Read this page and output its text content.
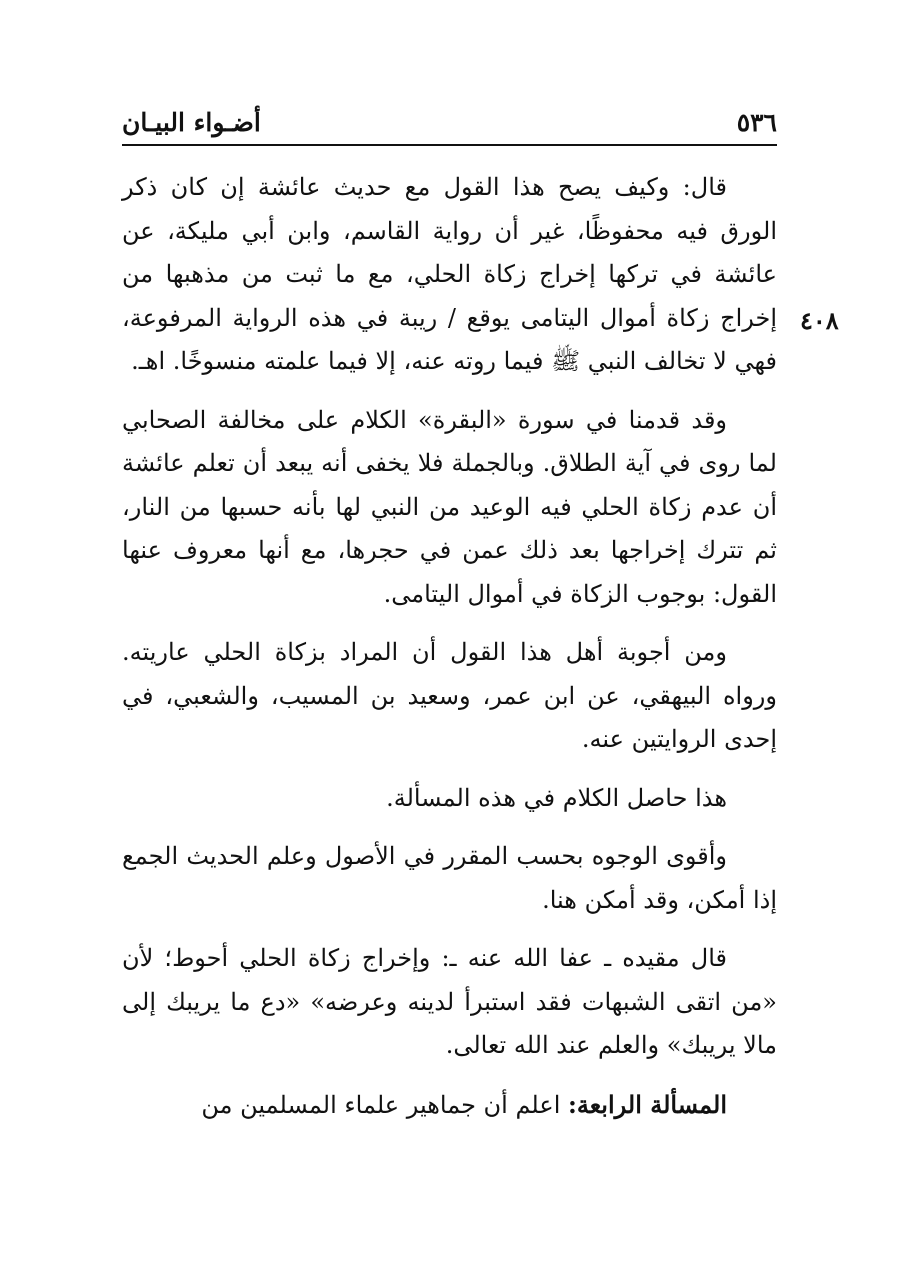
٥٣٦
أضـواء البيـان
٤٠٨

قال: وكيف يصح هذا القول مع حديث عائشة إن كان ذكر الورق فيه محفوظًا، غير أن رواية القاسم، وابن أبي مليكة، عن عائشة في تركها إخراج زكاة الحلي، مع ما ثبت من مذهبها من إخراج زكاة أموال اليتامى يوقع / ريبة في هذه الرواية المرفوعة، فهي لا تخالف النبي ﷺ فيما روته عنه، إلا فيما علمته منسوخًا. اهـ.

وقد قدمنا في سورة «البقرة» الكلام على مخالفة الصحابي لما روى في آية الطلاق. وبالجملة فلا يخفى أنه يبعد أن تعلم عائشة أن عدم زكاة الحلي فيه الوعيد من النبي لها بأنه حسبها من النار، ثم تترك إخراجها بعد ذلك عمن في حجرها، مع أنها معروف عنها القول: بوجوب الزكاة في أموال اليتامى.

ومن أجوبة أهل هذا القول أن المراد بزكاة الحلي عاريته. ورواه البيهقي، عن ابن عمر، وسعيد بن المسيب، والشعبي، في إحدى الروايتين عنه.

هذا حاصل الكلام في هذه المسألة.

وأقوى الوجوه بحسب المقرر في الأصول وعلم الحديث الجمع إذا أمكن، وقد أمكن هنا.

قال مقيده ـ عفا الله عنه ـ: وإخراج زكاة الحلي أحوط؛ لأن «من اتقى الشبهات فقد استبرأ لدينه وعرضه» «دع ما يريبك إلى مالا يريبك» والعلم عند الله تعالى.

المسألة الرابعة: اعلم أن جماهير علماء المسلمين من
